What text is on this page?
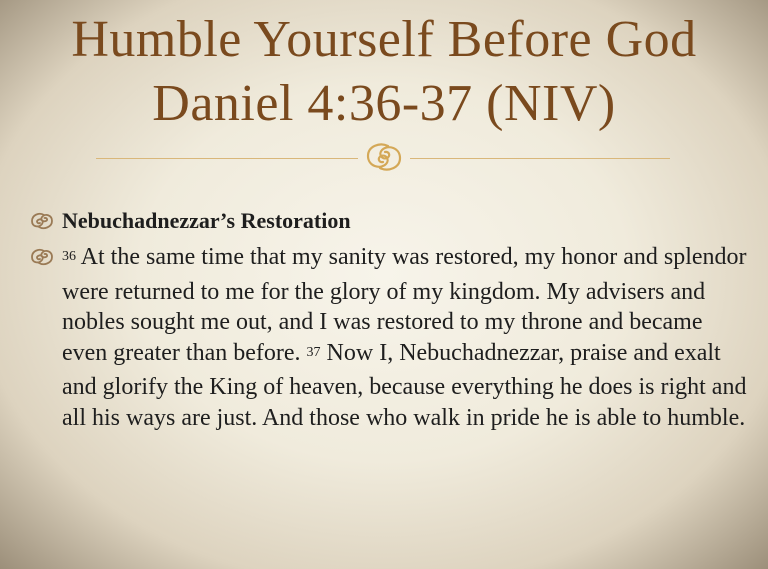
Humble Yourself Before God
Daniel 4:36-37 (NIV)
Nebuchadnezzar’s Restoration
$^{36}$ At the same time that my sanity was restored, my honor and splendor were returned to me for the glory of my kingdom. My advisers and nobles sought me out, and I was restored to my throne and became even greater than before. $^{37}$ Now I, Nebuchadnezzar, praise and exalt and glorify the King of heaven, because everything he does is right and all his ways are just. And those who walk in pride he is able to humble.
